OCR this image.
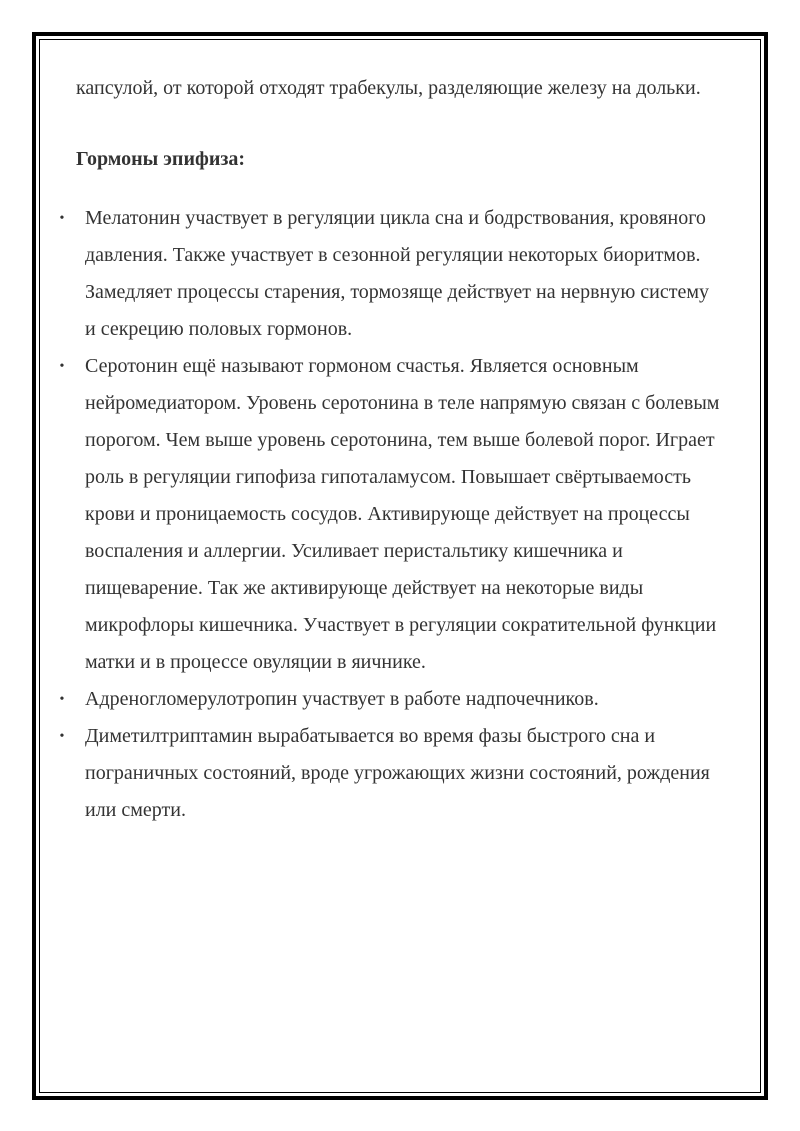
капсулой, от которой отходят трабекулы, разделяющие железу на дольки.

Гормоны эпифиза:

• Мелатонин участвует в регуляции цикла сна и бодрствования, кровяного давления. Также участвует в сезонной регуляции некоторых биоритмов. Замедляет процессы старения, тормозяще действует на нервную систему и секрецию половых гормонов.
• Серотонин ещё называют гормоном счастья. Является основным нейромедиатором. Уровень серотонина в теле напрямую связан с болевым порогом. Чем выше уровень серотонина, тем выше болевой порог. Играет роль в регуляции гипофиза гипоталамусом. Повышает свёртываемость крови и проницаемость сосудов. Активирующе действует на процессы воспаления и аллергии. Усиливает перистальтику кишечника и пищеварение. Так же активирующе действует на некоторые виды микрофлоры кишечника. Участвует в регуляции сократительной функции матки и в процессе овуляции в яичнике.
• Адреногломерулотропин участвует в работе надпочечников.
• Диметилтриптамин вырабатывается во время фазы быстрого сна и пограничных состояний, вроде угрожающих жизни состояний, рождения или смерти.
